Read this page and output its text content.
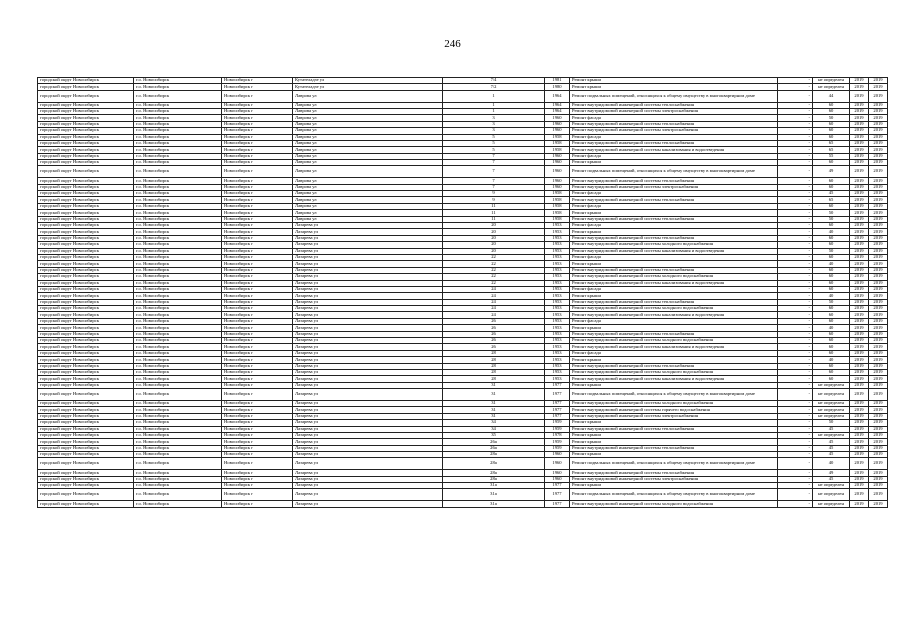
246
городской округ Новосибирск	г.о. Новосибирск	Новосибирск г	Кутателадзе ул	7/4	1981	Ремонт крыши	-	не определен	2019	2019
городской округ Новосибирск	г.о. Новосибирск	Новосибирск г	Кутателадзе ул	7/2	1980	Ремонт крыши	-	не определен	2019	2019
городской округ Новосибирск	г.о. Новосибирск	Новосибирск г	Лаврова ул	1	1964	Ремонт подвальных помещений, относящихся к общему имуществу в многоквартирном доме	-	44	2019	2019
городской округ Новосибирск	г.о. Новосибирск	Новосибирск г	Лаврова ул	1	1964	Ремонт внутридомовой инженерной системы теплоснабжения	-	60	2019	2019
городской округ Новосибирск	г.о. Новосибирск	Новосибирск г	Лаврова ул	1	1964	Ремонт внутридомовой инженерной системы электроснабжения	-	60	2019	2019
городской округ Новосибирск	г.о. Новосибирск	Новосибирск г	Лаврова ул	3	1960	Ремонт фасада	-	50	2019	2019
городской округ Новосибирск	г.о. Новосибирск	Новосибирск г	Лаврова ул	3	1960	Ремонт внутридомовой инженерной системы теплоснабжения	-	60	2019	2019
городской округ Новосибирск	г.о. Новосибирск	Новосибирск г	Лаврова ул	3	1960	Ремонт внутридомовой инженерной системы электроснабжения	-	60	2019	2019
городской округ Новосибирск	г.о. Новосибирск	Новосибирск г	Лаврова ул	5	1958	Ремонт фасада	-	60	2019	2019
городской округ Новосибирск	г.о. Новосибирск	Новосибирск г	Лаврова ул	5	1958	Ремонт внутридомовой инженерной системы теплоснабжения	-	65	2019	2019
городской округ Новосибирск	г.о. Новосибирск	Новосибирск г	Лаврова ул	5	1958	Ремонт внутридомовой инженерной системы канализования и водоотведения	-	65	2019	2019
городской округ Новосибирск	г.о. Новосибирск	Новосибирск г	Лаврова ул	7	1960	Ремонт фасада	-	55	2019	2019
городской округ Новосибирск	г.о. Новосибирск	Новосибирск г	Лаврова ул	7	1960	Ремонт крыши	-	60	2019	2019
городской округ Новосибирск	г.о. Новосибирск	Новосибирск г	Лаврова ул	7	1960	Ремонт подвальных помещений, относящихся к общему имуществу в многоквартирном доме	-	49	2019	2019
городской округ Новосибирск	г.о. Новосибирск	Новосибирск г	Лаврова ул	7	1960	Ремонт внутридомовой инженерной системы теплоснабжения	-	60	2019	2019
городской округ Новосибирск	г.о. Новосибирск	Новосибирск г	Лаврова ул	7	1960	Ремонт внутридомовой инженерной системы электроснабжения	-	60	2019	2019
городской округ Новосибирск	г.о. Новосибирск	Новосибирск г	Лаврова ул	9	1958	Ремонт фасада	-	45	2019	2019
городской округ Новосибирск	г.о. Новосибирск	Новосибирск г	Лаврова ул	9	1958	Ремонт внутридомовой инженерной системы теплоснабжения	-	65	2019	2019
городской округ Новосибирск	г.о. Новосибирск	Новосибирск г	Лаврова ул	11	1958	Ремонт фасада	-	60	2019	2019
городской округ Новосибирск	г.о. Новосибирск	Новосибирск г	Лаврова ул	11	1958	Ремонт крыши	-	50	2019	2019
городской округ Новосибирск	г.о. Новосибирск	Новосибирск г	Лаврова ул	11	1958	Ремонт внутридомовой инженерной системы теплоснабжения	-	50	2019	2019
городской округ Новосибирск	г.о. Новосибирск	Новосибирск г	Лазарева ул	20	1953	Ремонт фасада	-	60	2019	2019
городской округ Новосибирск	г.о. Новосибирск	Новосибирск г	Лазарева ул	20	1953	Ремонт крыши	-	40	2019	2019
городской округ Новосибирск	г.о. Новосибирск	Новосибирск г	Лазарева ул	20	1953	Ремонт внутридомовой инженерной системы теплоснабжения	-	60	2019	2019
городской округ Новосибирск	г.о. Новосибирск	Новосибирск г	Лазарева ул	20	1953	Ремонт внутридомовой инженерной системы холодного водоснабжения	-	60	2019	2019
городской округ Новосибирск	г.о. Новосибирск	Новосибирск г	Лазарева ул	20	1953	Ремонт внутридомовой инженерной системы канализования и водоотведения	-	50	2019	2019
городской округ Новосибирск	г.о. Новосибирск	Новосибирск г	Лазарева ул	22	1953	Ремонт фасада	-	60	2019	2019
городской округ Новосибирск	г.о. Новосибирск	Новосибирск г	Лазарева ул	22	1953	Ремонт крыши	-	40	2019	2019
городской округ Новосибирск	г.о. Новосибирск	Новосибирск г	Лазарева ул	22	1953	Ремонт внутридомовой инженерной системы теплоснабжения	-	60	2019	2019
городской округ Новосибирск	г.о. Новосибирск	Новосибирск г	Лазарева ул	22	1953	Ремонт внутридомовой инженерной системы холодного водоснабжения	-	60	2019	2019
городской округ Новосибирск	г.о. Новосибирск	Новосибирск г	Лазарева ул	22	1953	Ремонт внутридомовой инженерной системы канализования и водоотведения	-	60	2019	2019
городской округ Новосибирск	г.о. Новосибирск	Новосибирск г	Лазарева ул	24	1953	Ремонт фасада	-	60	2019	2019
городской округ Новосибирск	г.о. Новосибирск	Новосибирск г	Лазарева ул	24	1953	Ремонт крыши	-	40	2019	2019
городской округ Новосибирск	г.о. Новосибирск	Новосибирск г	Лазарева ул	24	1953	Ремонт внутридомовой инженерной системы теплоснабжения	-	50	2019	2019
городской округ Новосибирск	г.о. Новосибирск	Новосибирск г	Лазарева ул	24	1953	Ремонт внутридомовой инженерной системы холодного водоснабжения	-	60	2019	2019
городской округ Новосибирск	г.о. Новосибирск	Новосибирск г	Лазарева ул	24	1953	Ремонт внутридомовой инженерной системы канализования и водоотведения	-	60	2019	2019
городской округ Новосибирск	г.о. Новосибирск	Новосибирск г	Лазарева ул	26	1953	Ремонт фасада	-	60	2019	2019
городской округ Новосибирск	г.о. Новосибирск	Новосибирск г	Лазарева ул	26	1953	Ремонт крыши	-	40	2019	2019
городской округ Новосибирск	г.о. Новосибирск	Новосибирск г	Лазарева ул	26	1953	Ремонт внутридомовой инженерной системы теплоснабжения	-	60	2019	2019
городской округ Новосибирск	г.о. Новосибирск	Новосибирск г	Лазарева ул	26	1953	Ремонт внутридомовой инженерной системы холодного водоснабжения	-	60	2019	2019
городской округ Новосибирск	г.о. Новосибирск	Новосибирск г	Лазарева ул	26	1953	Ремонт внутридомовой инженерной системы канализования и водоотведения	-	60	2019	2019
городской округ Новосибирск	г.о. Новосибирск	Новосибирск г	Лазарева ул	28	1953	Ремонт фасада	-	60	2019	2019
городской округ Новосибирск	г.о. Новосибирск	Новосибирск г	Лазарева ул	28	1953	Ремонт крыши	-	40	2019	2019
городской округ Новосибирск	г.о. Новосибирск	Новосибирск г	Лазарева ул	28	1953	Ремонт внутридомовой инженерной системы теплоснабжения	-	60	2019	2019
городской округ Новосибирск	г.о. Новосибирск	Новосибирск г	Лазарева ул	28	1953	Ремонт внутридомовой инженерной системы холодного водоснабжения	-	60	2019	2019
городской округ Новосибирск	г.о. Новосибирск	Новосибирск г	Лазарева ул	28	1953	Ремонт внутридомовой инженерной системы канализования и водоотведения	-	60	2019	2019
городской округ Новосибирск	г.о. Новосибирск	Новосибирск г	Лазарева ул	31	1977	Ремонт крыши	-	не определен	2019	2019
городской округ Новосибирск	г.о. Новосибирск	Новосибирск г	Лазарева ул	31	1977	Ремонт подвальных помещений, относящихся к общему имуществу в многоквартирном доме	-	не определен	2019	2019
городской округ Новосибирск	г.о. Новосибирск	Новосибирск г	Лазарева ул	31	1977	Ремонт внутридомовой инженерной системы холодного водоснабжения	-	не определен	2019	2019
городской округ Новосибирск	г.о. Новосибирск	Новосибирск г	Лазарева ул	31	1977	Ремонт внутридомовой инженерной системы горячего водоснабжения	-	не определен	2019	2019
городской округ Новосибирск	г.о. Новосибирск	Новосибирск г	Лазарева ул	31	1977	Ремонт внутридомовой инженерной системы электроснабжения	-	не определен	2019	2019
городской округ Новосибирск	г.о. Новосибирск	Новосибирск г	Лазарева ул	34	1959	Ремонт крыши	-	50	2019	2019
городской округ Новосибирск	г.о. Новосибирск	Новосибирск г	Лазарева ул	34	1959	Ремонт внутридомовой инженерной системы теплоснабжения	-	45	2019	2019
городской округ Новосибирск	г.о. Новосибирск	Новосибирск г	Лазарева ул	35	1978	Ремонт крыши	-	не определен	2019	2019
городской округ Новосибирск	г.о. Новосибирск	Новосибирск г	Лазарева ул	26а	1959	Ремонт крыши	-	45	2019	2019
городской округ Новосибирск	г.о. Новосибирск	Новосибирск г	Лазарева ул	26а	1959	Ремонт внутридомовой инженерной системы теплоснабжения	-	45	2019	2019
городской округ Новосибирск	г.о. Новосибирск	Новосибирск г	Лазарева ул	28а	1960	Ремонт крыши	-	45	2019	2019
городской округ Новосибирск	г.о. Новосибирск	Новосибирск г	Лазарева ул	28а	1960	Ремонт подвальных помещений, относящихся к общему имуществу в многоквартирном доме	-	40	2019	2019
городской округ Новосибирск	г.о. Новосибирск	Новосибирск г	Лазарева ул	28а	1960	Ремонт внутридомовой инженерной системы теплоснабжения	-	49	2019	2019
городской округ Новосибирск	г.о. Новосибирск	Новосибирск г	Лазарева ул	28а	1960	Ремонт внутридомовой инженерной системы электроснабжения	-	45	2019	2019
городской округ Новосибирск	г.о. Новосибирск	Новосибирск г	Лазарева ул	31а	1977	Ремонт крыши	-	не определен	2019	2019
городской округ Новосибирск	г.о. Новосибирск	Новосибирск г	Лазарева ул	31а	1977	Ремонт подвальных помещений, относящихся к общему имуществу в многоквартирном доме	-	не определен	2019	2019
городской округ Новосибирск	г.о. Новосибирск	Новосибирск г	Лазарева ул	31а	1977	Ремонт внутридомовой инженерной системы холодного водоснабжения	-	не определен	2019	2019
